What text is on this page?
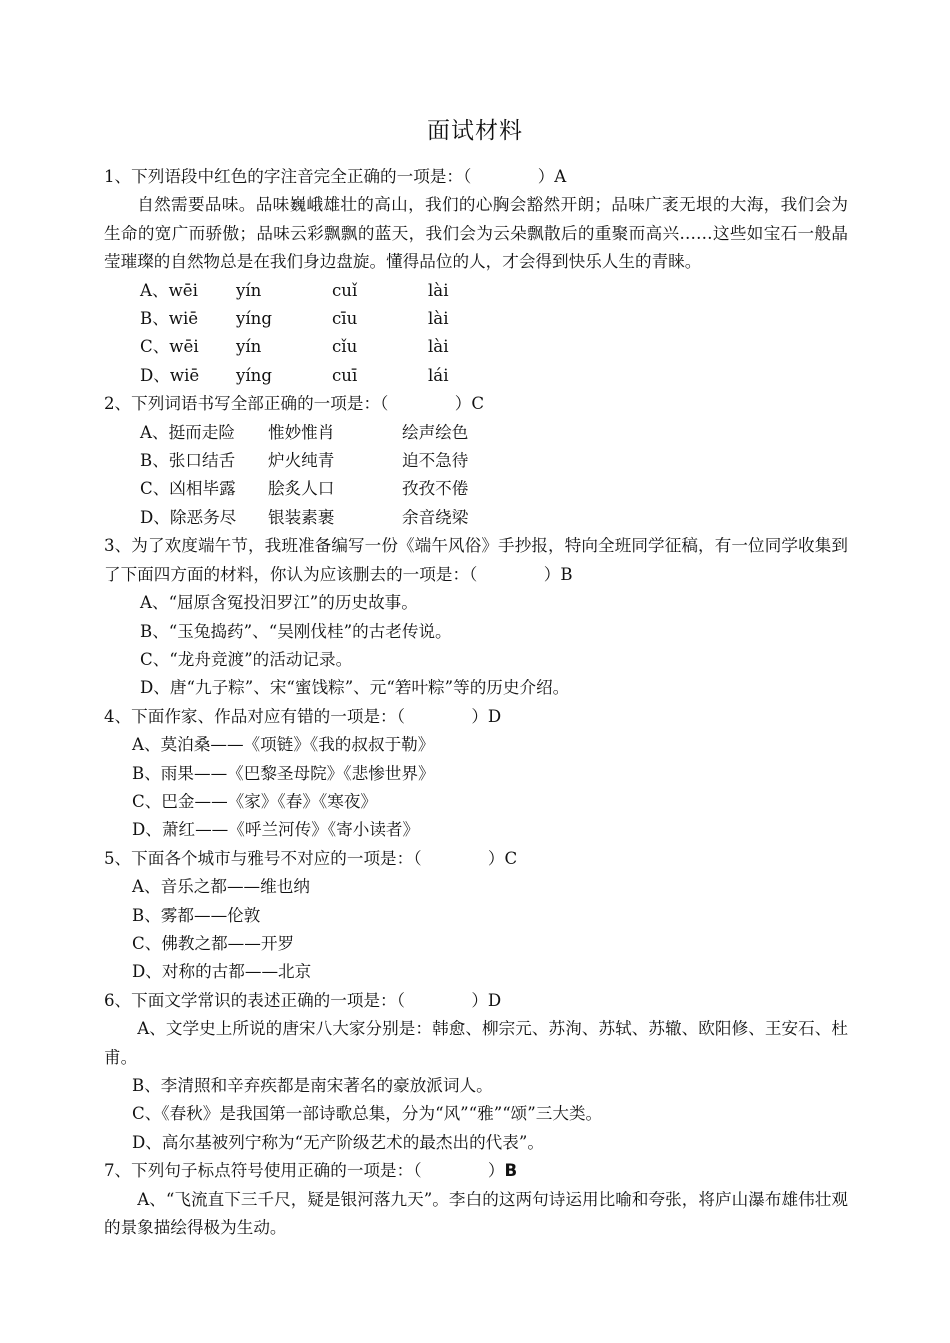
面试材料

1、下列语段中红色的字注音完全正确的一项是：（　　　　）A

自然需要品味。品味巍峨雄壮的高山，我们的心胸会豁然开朗；品味广袤无垠的大海，我们会为生命的宽广而骄傲；品味云彩飘飘的蓝天，我们会为云朵飘散后的重聚而高兴……这些如宝石一般晶莹璀璨的自然物总是在我们身边盘旋。懂得品位的人，才会得到快乐人生的青睐。

A、wēi	yín	cuǐ	lài

B、wiē	yíng	cīu	lài

C、wēi	yín	cǐu	lài

D、wiē	yíng	cuī	lái

2、下列词语书写全部正确的一项是：（　　　　）C

A、挺而走险	惟妙惟肖	绘声绘色

B、张口结舌	炉火纯青	迫不急待

C、凶相毕露	脍炙人口	孜孜不倦

D、除恶务尽	银装素裹	余音绕梁

3、为了欢度端午节，我班准备编写一份《端午风俗》手抄报，特向全班同学征稿，有一位同学收集到了下面四方面的材料，你认为应该删去的一项是：（　　　　）B

A、“屈原含冤投汨罗江”的历史故事。

B、“玉兔捣药”、“吴刚伐桂”的古老传说。

C、“龙舟竞渡”的活动记录。

D、唐“九子粽”、宋“蜜饯粽”、元“箬叶粽”等的历史介绍。

4、下面作家、作品对应有错的一项是：（　　　　）D

A、莫泊桑——《项链》《我的叔叔于勒》

B、雨果——《巴黎圣母院》《悲惨世界》

C、巴金——《家》《春》《寒夜》

D、萧红——《呼兰河传》《寄小读者》

5、下面各个城市与雅号不对应的一项是：（　　　　）C

A、音乐之都——维也纳

B、雾都——伦敦

C、佛教之都——开罗

D、对称的古都——北京

6、下面文学常识的表述正确的一项是：（　　　　）D

A、文学史上所说的唐宋八大家分别是：韩愈、柳宗元、苏洵、苏轼、苏辙、欧阳修、王安石、杜甫。

B、李清照和辛弃疾都是南宋著名的豪放派词人。

C、《春秋》是我国第一部诗歌总集，分为“风”“雅”“颂”三大类。

D、高尔基被列宁称为“无产阶级艺术的最杰出的代表”。

7、下列句子标点符号使用正确的一项是：（　　　　）B

A、“飞流直下三千尺，疑是银河落九天”。李白的这两句诗运用比喻和夸张，将庐山瀑布雄伟壮观的景象描绘得极为生动。
